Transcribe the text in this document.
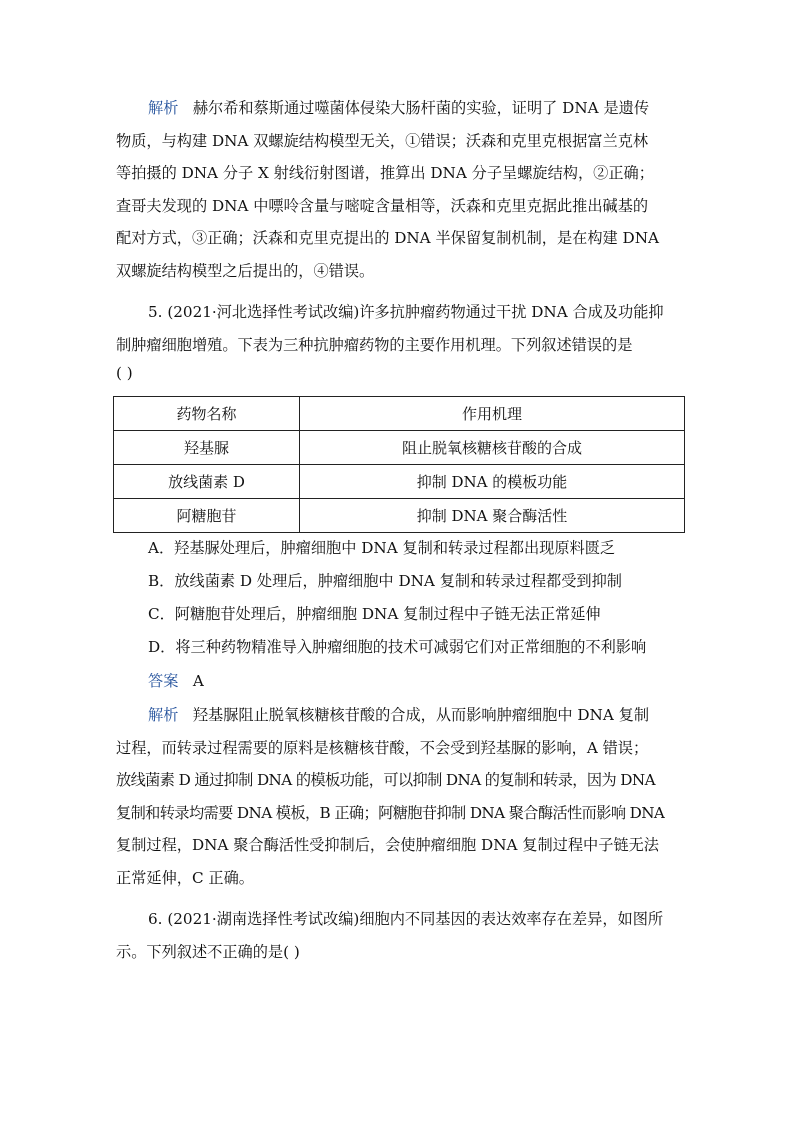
解析 赫尔希和蔡斯通过噬菌体侵染大肠杆菌的实验，证明了 DNA 是遗传
物质，与构建 DNA 双螺旋结构模型无关，①错误；沃森和克里克根据富兰克林
等拍摄的 DNA 分子 X 射线衍射图谱，推算出 DNA 分子呈螺旋结构，②正确；
查哥夫发现的 DNA 中嘌呤含量与嘧啶含量相等，沃森和克里克据此推出碱基的
配对方式，③正确；沃森和克里克提出的 DNA 半保留复制机制，是在构建 DNA
双螺旋结构模型之后提出的，④错误。
5. (2021·河北选择性考试改编)许多抗肿瘤药物通过干扰 DNA 合成及功能抑
制肿瘤细胞增殖。下表为三种抗肿瘤药物的主要作用机理。下列叙述错误的是
( )
药物名称	作用机理
羟基脲	阻止脱氧核糖核苷酸的合成
放线菌素 D	抑制 DNA 的模板功能
阿糖胞苷	抑制 DNA 聚合酶活性
A．羟基脲处理后，肿瘤细胞中 DNA 复制和转录过程都出现原料匮乏
B．放线菌素 D 处理后，肿瘤细胞中 DNA 复制和转录过程都受到抑制
C．阿糖胞苷处理后，肿瘤细胞 DNA 复制过程中子链无法正常延伸
D．将三种药物精准导入肿瘤细胞的技术可减弱它们对正常细胞的不利影响
答案 A
解析 羟基脲阻止脱氧核糖核苷酸的合成，从而影响肿瘤细胞中 DNA 复制
过程，而转录过程需要的原料是核糖核苷酸，不会受到羟基脲的影响，A 错误；
放线菌素 D 通过抑制 DNA 的模板功能，可以抑制 DNA 的复制和转录，因为 DNA
复制和转录均需要 DNA 模板，B 正确；阿糖胞苷抑制 DNA 聚合酶活性而影响 DNA
复制过程，DNA 聚合酶活性受抑制后，会使肿瘤细胞 DNA 复制过程中子链无法
正常延伸，C 正确。
6. (2021·湖南选择性考试改编)细胞内不同基因的表达效率存在差异，如图所
示。下列叙述不正确的是( )
